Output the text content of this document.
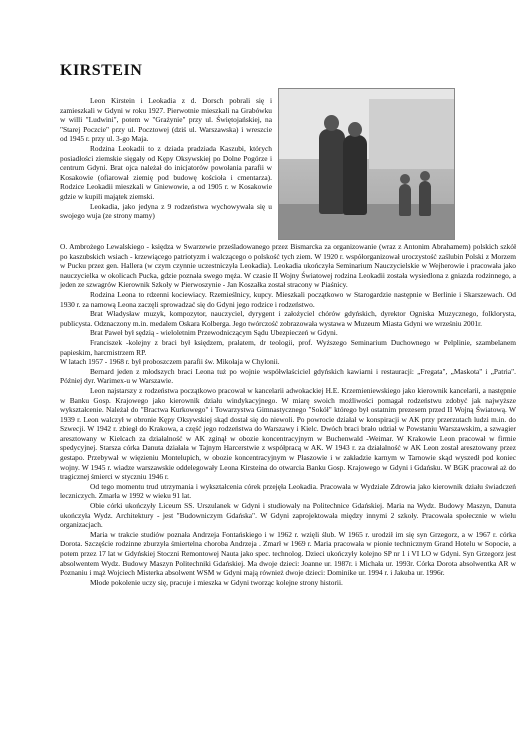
KIRSTEIN

Leon Kirstein i Leokadia z d. Dorsch pobrali się i zamieszkali w Gdyni w roku 1927. Pierwotnie mieszkali na Grabówku w willi "Ludwini", potem w "Grażynie" przy ul. Świętojańskiej, na "Starej Poczcie" przy ul. Pocztowej (dziś ul. Warszawska) i wreszcie od 1945 r. przy ul. 3-go Maja.

Rodzina Leokadii to z dziada pradziada Kaszubi, których posiadłości ziemskie sięgały od Kępy Oksywskiej po Dolne Pogórze i centrum Gdyni. Brat ojca należał do inicjatorów powołania parafii w Kosakowie (ofiarował ziemię pod budowę kościoła i cmentarza). Rodzice Leokadii mieszkali w Gniewowie, a od 1905 r. w Kosakowie gdzie w kupili majątek ziemski.

Leokadia, jako jedyna z 9 rodzeństwa wychowywała się u swojego wuja (ze strony mamy)

O. Ambrożego Lewalskiego - księdza w Swarzewie prześladowanego przez Bismarcka za organizowanie (wraz z Antonim Abrahamem) polskich szkół po kaszubskich wsiach - krzewiącego patriotyzm i walczącego o polskość tych ziem. W 1920 r. współorganizował uroczystość zaślubin Polski z Morzem w Pucku przez gen. Hallera (w czym czynnie uczestniczyła Leokadia). Leokadia ukończyła Seminarium Nauczycielskie w Wejherowie i pracowała jako nauczycielka w okolicach Pucka, gdzie poznała swego męża. W czasie II Wojny Światowej rodzina Leokadii została wysiedlona z gniazda rodzinnego, a jeden ze szwagrów Kierownik Szkoły w Pierwoszynie - Jan Koszałka został stracony w Piaśnicy.

Rodzina Leona to rdzenni kociewiacy. Rzemieślnicy, kupcy. Mieszkali początkowo w Starogardzie następnie w Berlinie i Skarszewach. Od 1930 r. za namową Leona zaczęli sprowadzać się do Gdyni jego rodzice i rodzeństwo.

Brat Władysław muzyk, kompozytor, nauczyciel, dyrygent i założyciel chórów gdyńskich, dyrektor Ogniska Muzycznego, folklorysta, publicysta. Odznaczony m.in. medalem Oskara Kolberga. Jego twórczość zobrazowała wystawa w Muzeum Miasta Gdyni we wrześniu 2001r.

Brat Paweł był sędzią - wieloletnim Przewodniczącym Sądu Ubezpieczeń w Gdyni.

Franciszek -kolejny z braci był księdzem, prałatem, dr teologii, prof. Wyższego Seminarium Duchownego w Pelplinie, szambelanem papieskim, harcmistrzem RP.

W latach 1957 - 1968 r. był proboszczem parafii św. Mikołaja w Chylonii.

Bernard jeden z młodszych braci Leona tuż po wojnie współwłaściciel gdyńskich kawiarni i restauracji: „Fregata", „Maskota" i „Patria". Później dyr. Warimex-u w Warszawie.

Leon najstarszy z rodzeństwa początkowo pracował w kancelarii adwokackiej H.E. Krzemieniewskiego jako kierownik kancelarii, a następnie w Banku Gosp. Krajowego jako kierownik działu windykacyjnego. W miarę swoich możliwości pomagał rodzeństwu zdobyć jak najwyższe wykształcenie. Należał do "Bractwa Kurkowego" i Towarzystwa Gimnastycznego "Sokół" którego był ostatnim prezesem przed II Wojną Światową. W 1939 r. Leon walczył w obronie Kępy Oksywskiej skąd dostał się do niewoli. Po powrocie działał w konspiracji w AK przy przerzutach ludzi m.in. do Szwecji. W 1942 r. zbiegł do Krakowa, a część jego rodzeństwa do Warszawy i Kielc. Dwóch braci brało udział w Powstaniu Warszawskim, a szwagier aresztowany w Kielcach za działalność w AK zginął w obozie koncentracyjnym w Buchenwald -Weimar. W Krakowie Leon pracował w firmie spedycyjnej. Starsza córka Danuta działała w Tajnym Harcerstwie z współpracą w AK. W 1943 r. za działalność w AK Leon został aresztowany przez gestapo. Przebywał w więzieniu Montelupich, w obozie koncentracyjnym w Płaszowie i w zakładzie karnym w Tarnowie skąd wyszedł pod koniec wojny. W 1945 r. wiadze warszawskie oddelegowały Leona Kirsteina do otwarcia Banku Gosp. Krajowego w Gdyni i Gdańsku. W BGK pracował aż do tragicznej śmierci w styczniu 1946 r.

Od tego momentu trud utrzymania i wykształcenia córek przejęła Leokadia. Pracowała w Wydziale Zdrowia jako kierownik działu świadczeń leczniczych. Zmarła w 1992 w wieku 91 lat.

Obie córki ukończyły Liceum SS. Urszulanek w Gdyni i studiowały na Politechnice Gdańskiej. Maria na Wydz. Budowy Maszyn, Danuta ukończyła Wydz. Architektury - jest "Budowniczym Gdańska". W Gdyni zaprojektowała między innymi 2 szkoły. Pracowała społecznie w wielu organizacjach.

Maria w trakcie studiów poznała Andrzeja Fontańskiego i w 1962 r. wzięli ślub. W 1965 r. urodził im się syn Grzegorz, a w 1967 r. córka Dorota. Szczęście rodzinne zburzyła śmiertelna choroba Andrzeja . Zmarł w 1969 r. Maria pracowała w pionie technicznym Grand Hotelu w Sopocie, a potem przez 17 lat w Gdyńskiej Stoczni Remontowej Nauta jako spec. technolog. Dzieci ukończyły kolejno SP nr 1 i VI LO w Gdyni. Syn Grzegorz jest absolwentem Wydz. Budowy Maszyn Politechniki Gdańskiej. Ma dwoje dzieci: Joanne ur. 1987r. i Michała ur. 1993r. Córka Dorota absolwentka AR w Poznaniu i mąż Wojciech Misterka absolwent WSM w Gdyni mają również dwoje dzieci: Dominike ur. 1994 r. i Jakuba ur. 1996r.

Młode pokolenie uczy się, pracuje i mieszka w Gdyni tworząc kolejne strony historii.
